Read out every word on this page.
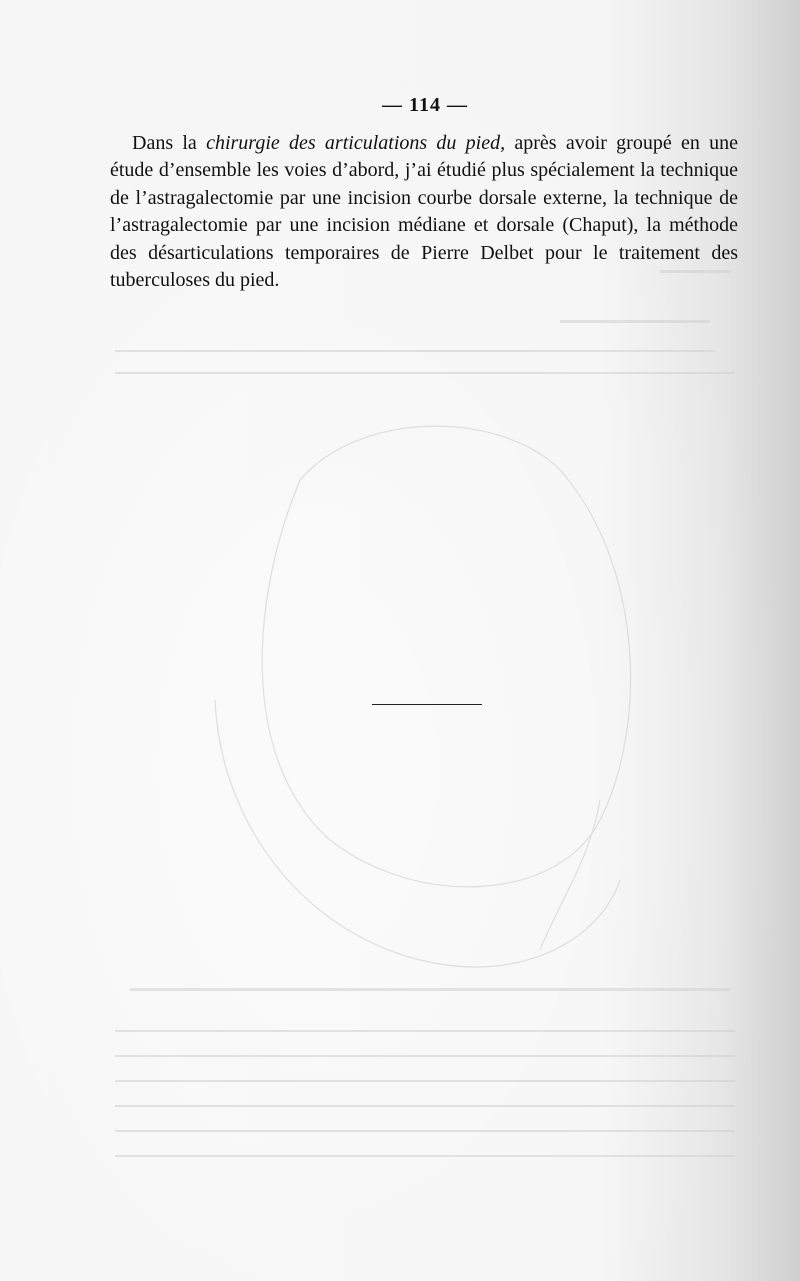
— 114 —

Dans la chirurgie des articulations du pied, après avoir groupé en une étude d’ensemble les voies d’abord, j’ai étudié plus spécialement la technique de l’astragalectomie par une incision courbe dorsale externe, la technique de l’astragalectomie par une incision médiane et dorsale (Chaput), la méthode des désarticulations temporaires de Pierre Delbet pour le traitement des tuberculoses du pied.
